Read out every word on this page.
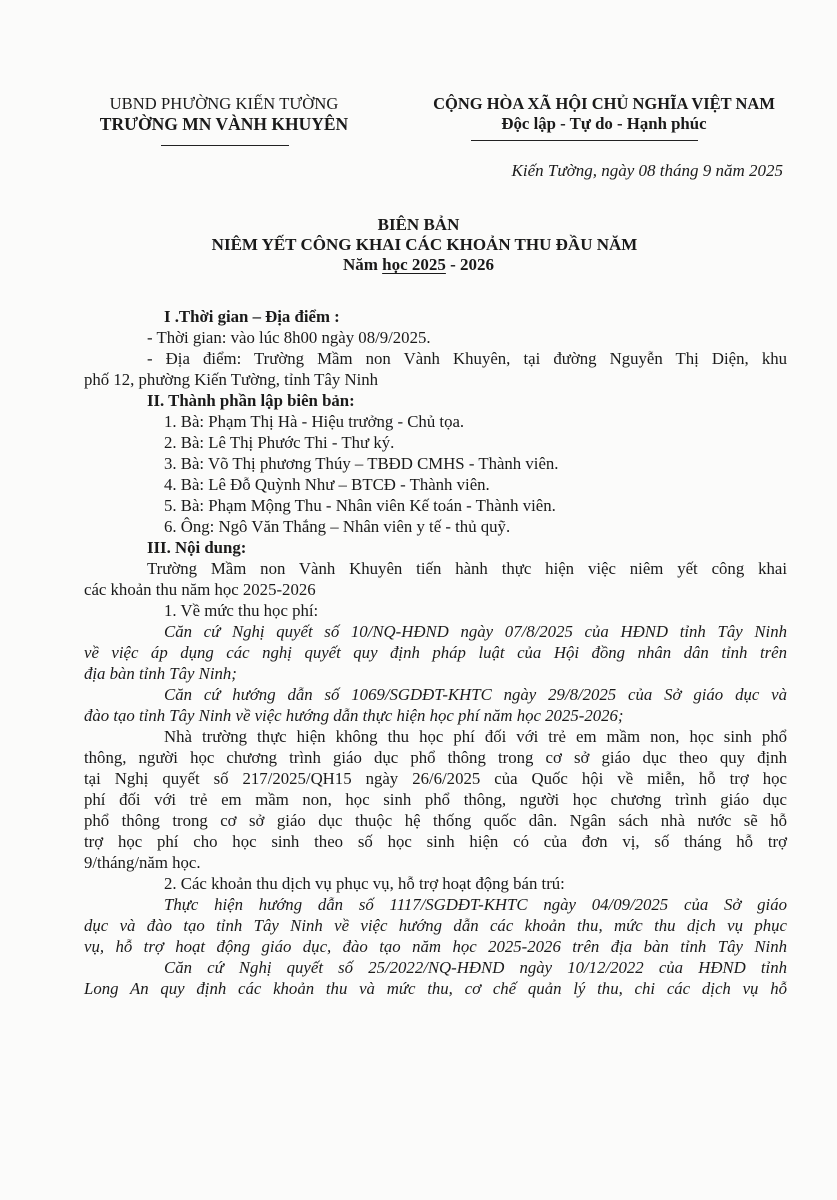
UBND PHƯỜNG KIẾN TƯỜNG
TRƯỜNG MN VÀNH KHUYÊN
CỘNG HÒA XÃ HỘI CHỦ NGHĨA VIỆT NAM
Độc lập - Tự do - Hạnh phúc
Kiến Tường, ngày 08 tháng 9 năm 2025
BIÊN BẢN
NIÊM YẾT CÔNG KHAI CÁC KHOẢN THU ĐẦU NĂM
Năm học 2025 - 2026
I .Thời gian – Địa điểm :
- Thời gian: vào lúc 8h00 ngày 08/9/2025.
- Địa điểm: Trường Mầm non Vành Khuyên, tại đường Nguyễn Thị Diện, khu
phố 12, phường Kiến Tường, tỉnh Tây Ninh
II. Thành phần lập biên bản:
1. Bà: Phạm Thị Hà - Hiệu trưởng - Chủ tọa.
2. Bà: Lê Thị Phước Thi - Thư ký.
3. Bà: Võ Thị phương Thúy – TBĐD CMHS - Thành viên.
4. Bà: Lê Đỗ Quỳnh Như – BTCĐ - Thành viên.
5. Bà: Phạm Mộng Thu - Nhân viên Kế toán - Thành viên.
6. Ông: Ngô Văn Thắng – Nhân viên y tế - thủ quỹ.
III. Nội dung:
Trường Mầm non Vành Khuyên tiến hành thực hiện việc niêm yết công khai
các khoản thu năm học 2025-2026
1. Về mức thu học phí:
Căn cứ Nghị quyết số 10/NQ-HĐND ngày 07/8/2025 của HĐND tỉnh Tây Ninh
về việc áp dụng các nghị quyết quy định pháp luật của Hội đồng nhân dân tỉnh trên
địa bàn tỉnh Tây Ninh;
Căn cứ hướng dẫn số 1069/SGDĐT-KHTC ngày 29/8/2025 của Sở giáo dục và
đào tạo tỉnh Tây Ninh về việc hướng dẫn thực hiện học phí năm học 2025-2026;
Nhà trường thực hiện không thu học phí đối với trẻ em mầm non, học sinh phổ
thông, người học chương trình giáo dục phổ thông trong cơ sở giáo dục theo quy định
tại Nghị quyết số 217/2025/QH15 ngày 26/6/2025 của Quốc hội về miễn, hỗ trợ học
phí đối với trẻ em mầm non, học sinh phổ thông, người học chương trình giáo dục
phổ thông trong cơ sở giáo dục thuộc hệ thống quốc dân. Ngân sách nhà nước sẽ hỗ
trợ học phí cho học sinh theo số học sinh hiện có của đơn vị, số tháng hỗ trợ
9/tháng/năm học.
2. Các khoản thu dịch vụ phục vụ, hỗ trợ hoạt động bán trú:
Thực hiện hướng dẫn số 1117/SGDĐT-KHTC ngày 04/09/2025 của Sở giáo
dục và đào tạo tỉnh Tây Ninh về việc hướng dẫn các khoản thu, mức thu dịch vụ phục
vụ, hỗ trợ hoạt động giáo dục, đào tạo năm học 2025-2026 trên địa bàn tỉnh Tây Ninh
Căn cứ Nghị quyết số 25/2022/NQ-HĐND ngày 10/12/2022 của HĐND tỉnh
Long An quy định các khoản thu và mức thu, cơ chế quản lý thu, chi các dịch vụ hỗ
